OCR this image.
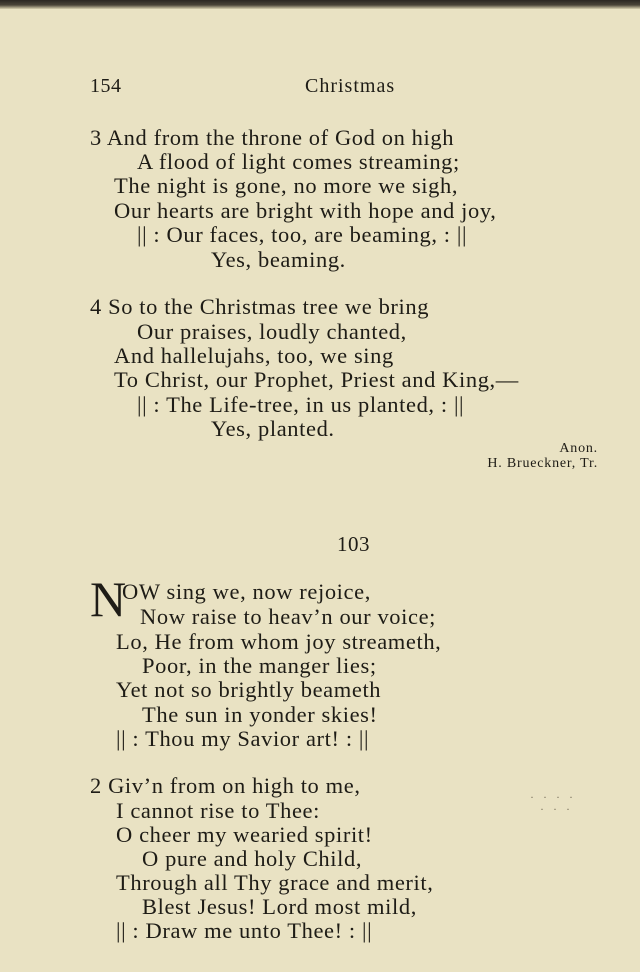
154	Christmas
3 And from the throne of God on high
A flood of light comes streaming;
The night is gone, no more we sigh,
Our hearts are bright with hope and joy,
|| : Our faces, too, are beaming, : ||
Yes, beaming.
4 So to the Christmas tree we bring
Our praises, loudly chanted,
And hallelujahs, too, we sing
To Christ, our Prophet, Priest and King,—
|| : The Life-tree, in us planted, : ||
Yes, planted.
Anon.
H. Brueckner, Tr.
103
N
OW sing we, now rejoice,
Now raise to heav’n our voice;
Lo, He from whom joy streameth,
Poor, in the manger lies;
Yet not so brightly beameth
The sun in yonder skies!
|| : Thou my Savior art! : ||
2 Giv’n from on high to me,
I cannot rise to Thee:
O cheer my wearied spirit!
O pure and holy Child,
Through all Thy grace and merit,
Blest Jesus! Lord most mild,
|| : Draw me unto Thee! : ||
· · · ·
· · ·
